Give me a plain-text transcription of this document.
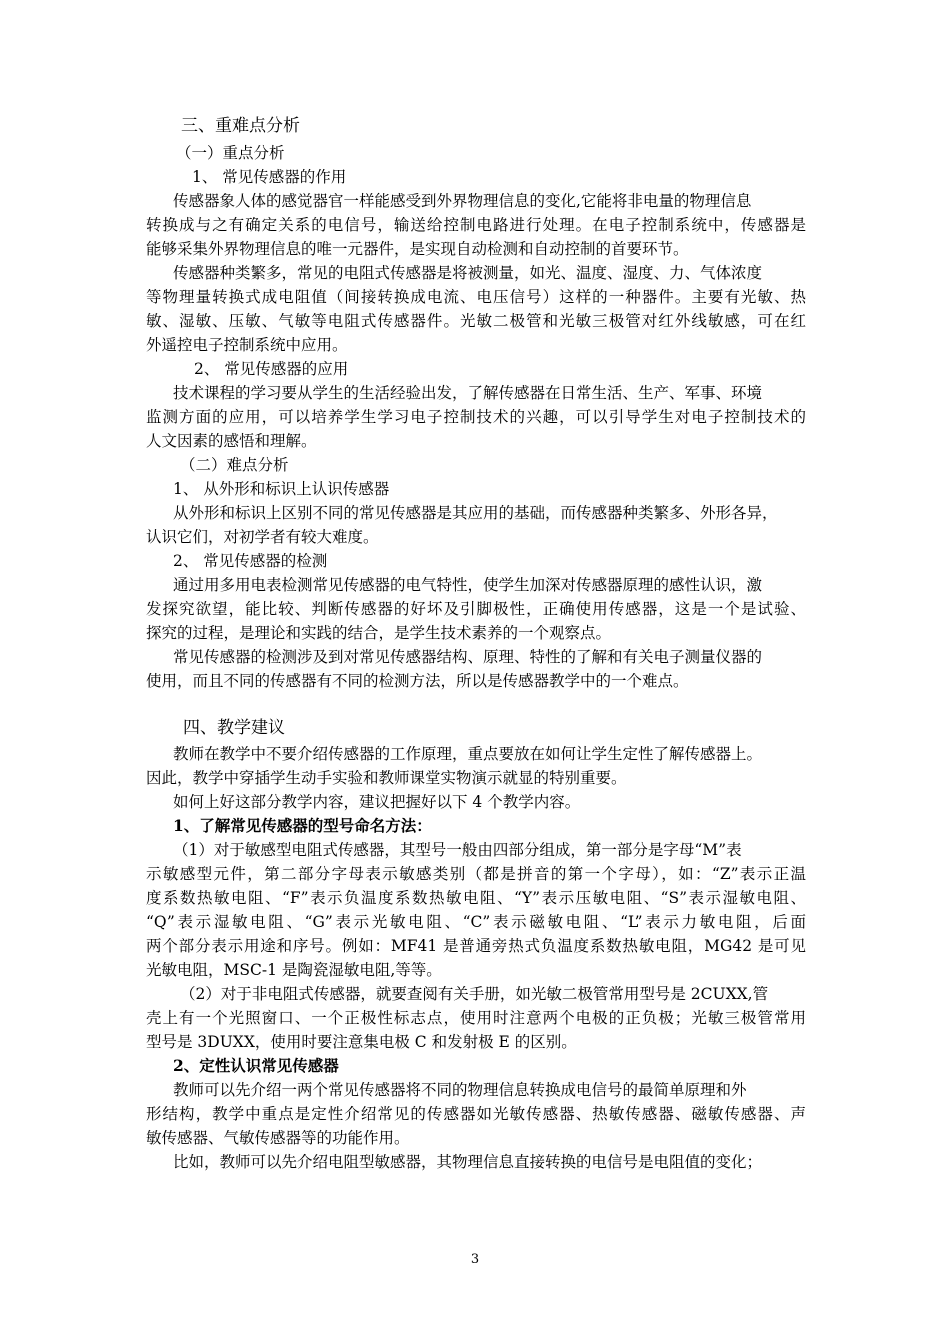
三、重难点分析
（一）重点分析
1、 常见传感器的作用
传感器象人体的感觉器官一样能感受到外界物理信息的变化,它能将非电量的物理信息
转换成与之有确定关系的电信号，输送给控制电路进行处理。在电子控制系统中，传感器是
能够采集外界物理信息的唯一元器件，是实现自动检测和自动控制的首要环节。
传感器种类繁多，常见的电阻式传感器是将被测量，如光、温度、湿度、力、气体浓度
等物理量转换式成电阻值（间接转换成电流、电压信号）这样的一种器件。主要有光敏、热
敏、湿敏、压敏、气敏等电阻式传感器件。光敏二极管和光敏三极管对红外线敏感，可在红
外遥控电子控制系统中应用。
2、 常见传感器的应用
技术课程的学习要从学生的生活经验出发，了解传感器在日常生活、生产、军事、环境
监测方面的应用，可以培养学生学习电子控制技术的兴趣，可以引导学生对电子控制技术的
人文因素的感悟和理解。
（二）难点分析
1、 从外形和标识上认识传感器
从外形和标识上区别不同的常见传感器是其应用的基础，而传感器种类繁多、外形各异，
认识它们，对初学者有较大难度。
2、 常见传感器的检测
通过用多用电表检测常见传感器的电气特性，使学生加深对传感器原理的感性认识，激
发探究欲望，能比较、判断传感器的好坏及引脚极性，正确使用传感器，这是一个是试验、
探究的过程，是理论和实践的结合，是学生技术素养的一个观察点。
常见传感器的检测涉及到对常见传感器结构、原理、特性的了解和有关电子测量仪器的
使用，而且不同的传感器有不同的检测方法，所以是传感器教学中的一个难点。
四、教学建议
教师在教学中不要介绍传感器的工作原理，重点要放在如何让学生定性了解传感器上。
因此，教学中穿插学生动手实验和教师课堂实物演示就显的特别重要。
如何上好这部分教学内容，建议把握好以下 4 个教学内容。
1、了解常见传感器的型号命名方法：
（1）对于敏感型电阻式传感器，其型号一般由四部分组成，第一部分是字母“M”表
示敏感型元件，第二部分字母表示敏感类别（都是拼音的第一个字母），如：“Z”表示正温
度系数热敏电阻、“F”表示负温度系数热敏电阻、“Y”表示压敏电阻、“S”表示湿敏电阻、
“Q”表示湿敏电阻、“G”表示光敏电阻、“C”表示磁敏电阻、“L”表示力敏电阻，后面
两个部分表示用途和序号。例如：MF41 是普通旁热式负温度系数热敏电阻，MG42 是可见
光敏电阻，MSC-1 是陶瓷湿敏电阻,等等。
（2）对于非电阻式传感器，就要查阅有关手册，如光敏二极管常用型号是 2CUXX,管
壳上有一个光照窗口、一个正极性标志点，使用时注意两个电极的正负极；光敏三极管常用
型号是 3DUXX，使用时要注意集电极 C 和发射极 E 的区别。
2、定性认识常见传感器
教师可以先介绍一两个常见传感器将不同的物理信息转换成电信号的最简单原理和外
形结构，教学中重点是定性介绍常见的传感器如光敏传感器、热敏传感器、磁敏传感器、声
敏传感器、气敏传感器等的功能作用。
比如，教师可以先介绍电阻型敏感器，其物理信息直接转换的电信号是电阻值的变化；
3
